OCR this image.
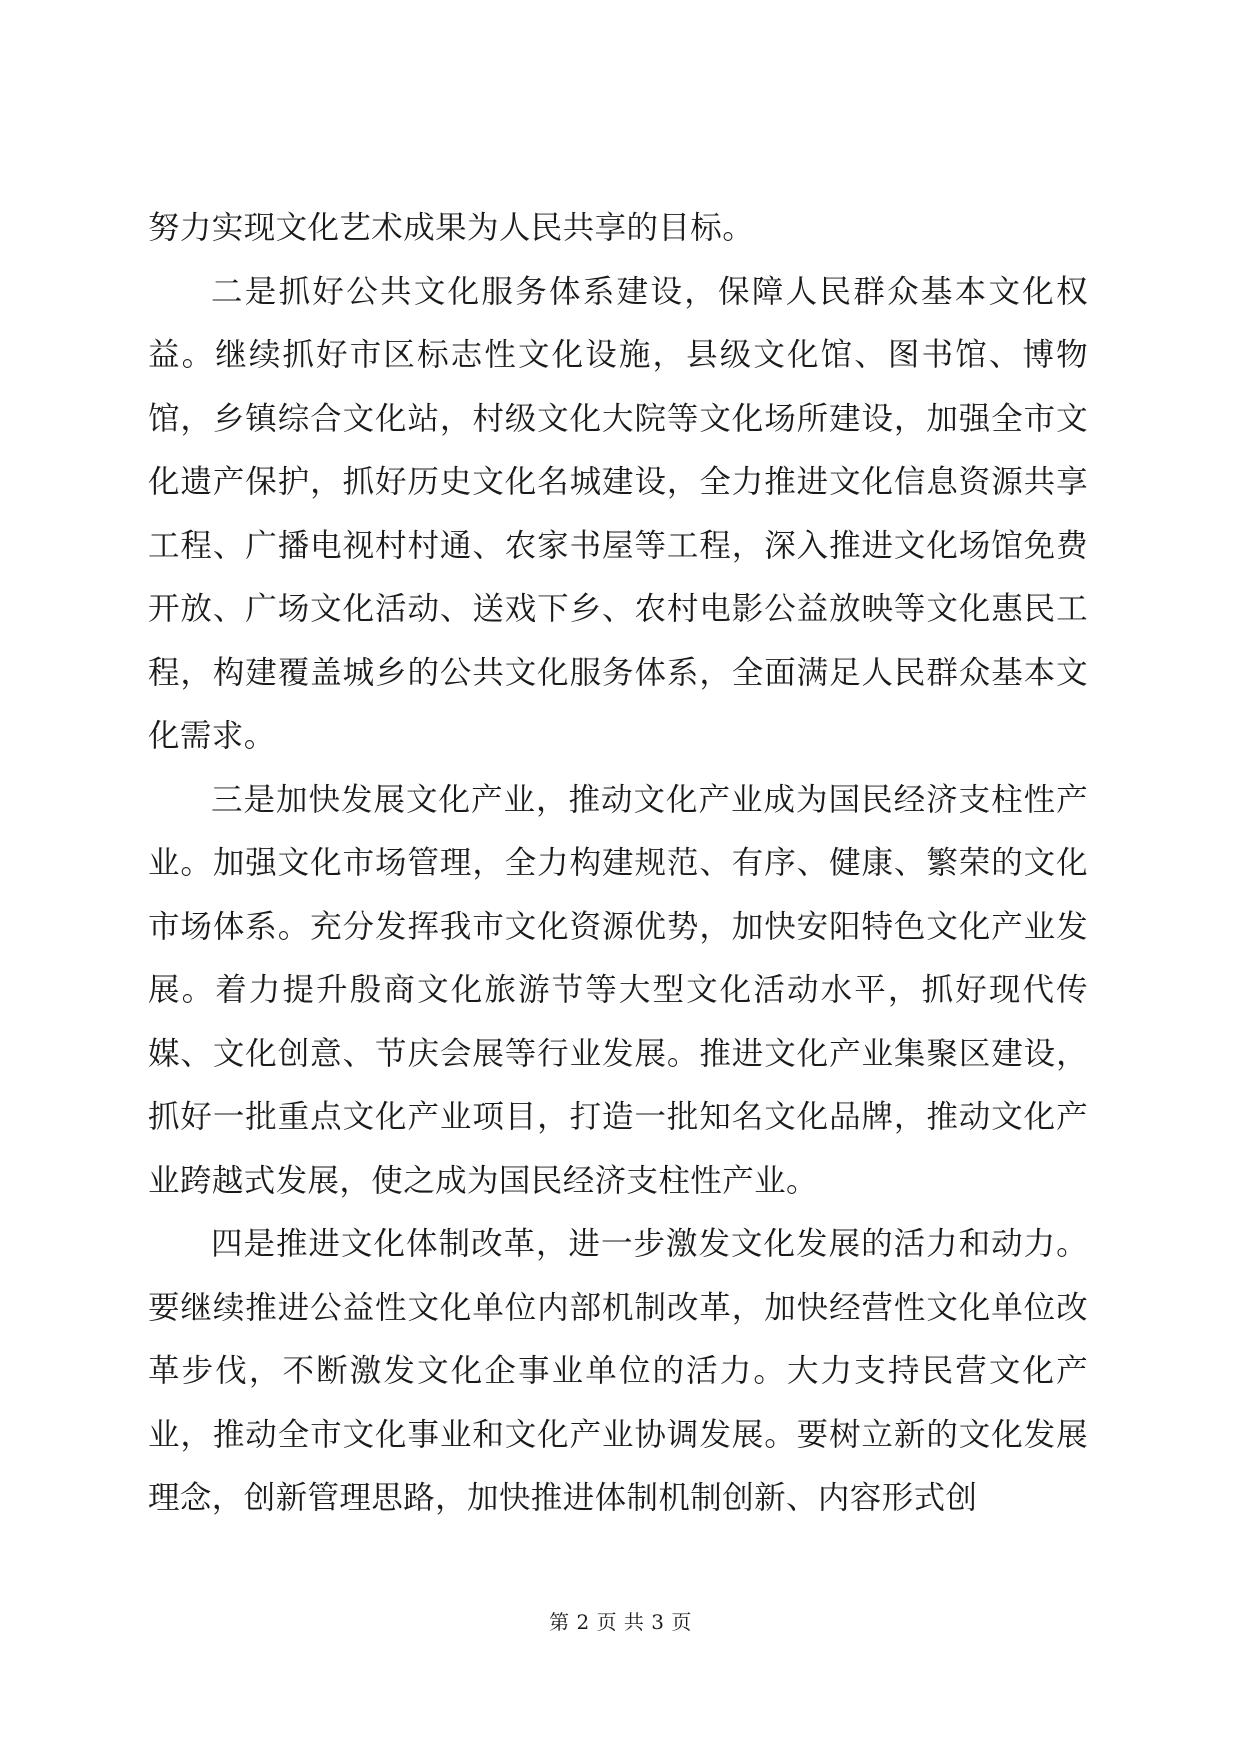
努力实现文化艺术成果为人民共享的目标。

二是抓好公共文化服务体系建设，保障人民群众基本文化权益。继续抓好市区标志性文化设施，县级文化馆、图书馆、博物馆，乡镇综合文化站，村级文化大院等文化场所建设，加强全市文化遗产保护，抓好历史文化名城建设，全力推进文化信息资源共享工程、广播电视村村通、农家书屋等工程，深入推进文化场馆免费开放、广场文化活动、送戏下乡、农村电影公益放映等文化惠民工程，构建覆盖城乡的公共文化服务体系，全面满足人民群众基本文化需求。

三是加快发展文化产业，推动文化产业成为国民经济支柱性产业。加强文化市场管理，全力构建规范、有序、健康、繁荣的文化市场体系。充分发挥我市文化资源优势，加快安阳特色文化产业发展。着力提升殷商文化旅游节等大型文化活动水平，抓好现代传媒、文化创意、节庆会展等行业发展。推进文化产业集聚区建设，抓好一批重点文化产业项目，打造一批知名文化品牌，推动文化产业跨越式发展，使之成为国民经济支柱性产业。

四是推进文化体制改革，进一步激发文化发展的活力和动力。要继续推进公益性文化单位内部机制改革，加快经营性文化单位改革步伐，不断激发文化企事业单位的活力。大力支持民营文化产业，推动全市文化事业和文化产业协调发展。要树立新的文化发展理念，创新管理思路，加快推进体制机制创新、内容形式创

第 2 页 共 3 页
